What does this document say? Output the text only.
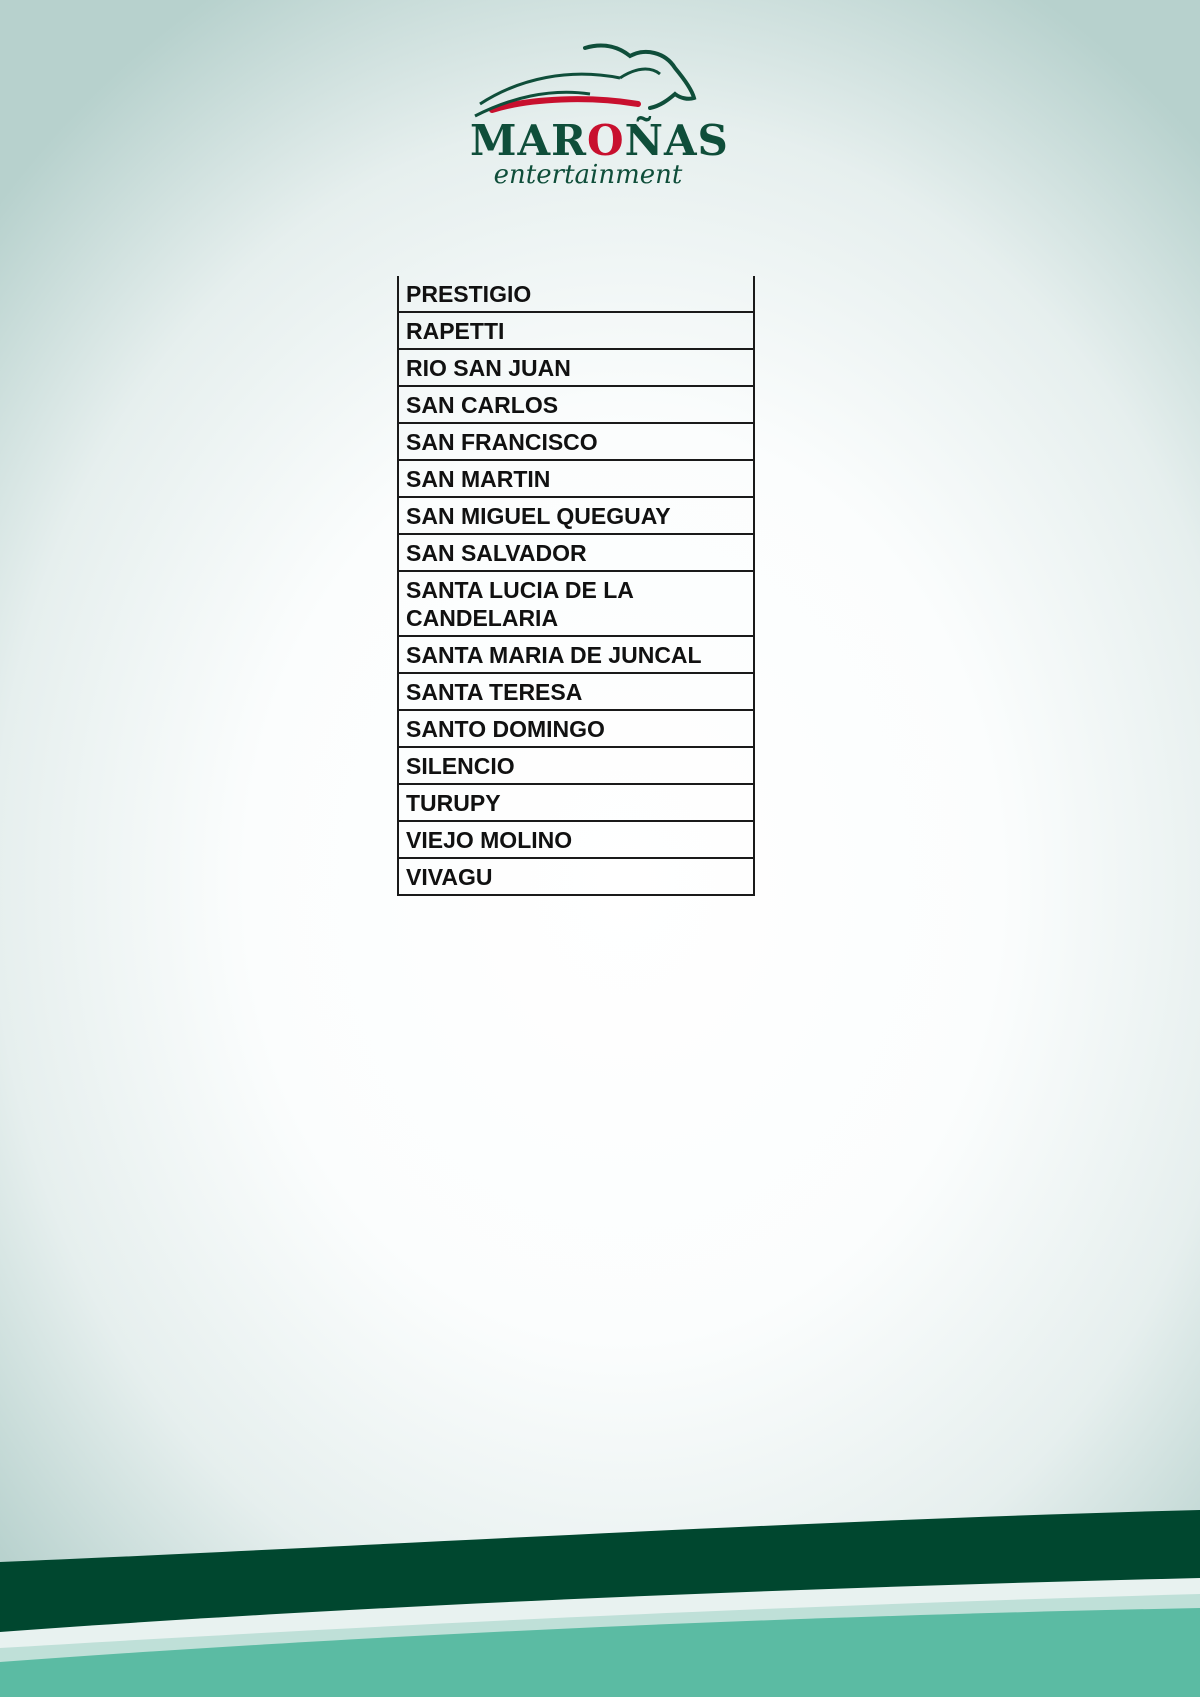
MAROÑAS
entertainment
PRESTIGIO
RAPETTI
RIO SAN JUAN
SAN CARLOS
SAN FRANCISCO
SAN MARTIN
SAN MIGUEL QUEGUAY
SAN SALVADOR
SANTA LUCIA DE LA CANDELARIA
SANTA MARIA DE JUNCAL
SANTA TERESA
SANTO DOMINGO
SILENCIO
TURUPY
VIEJO MOLINO
VIVAGU
